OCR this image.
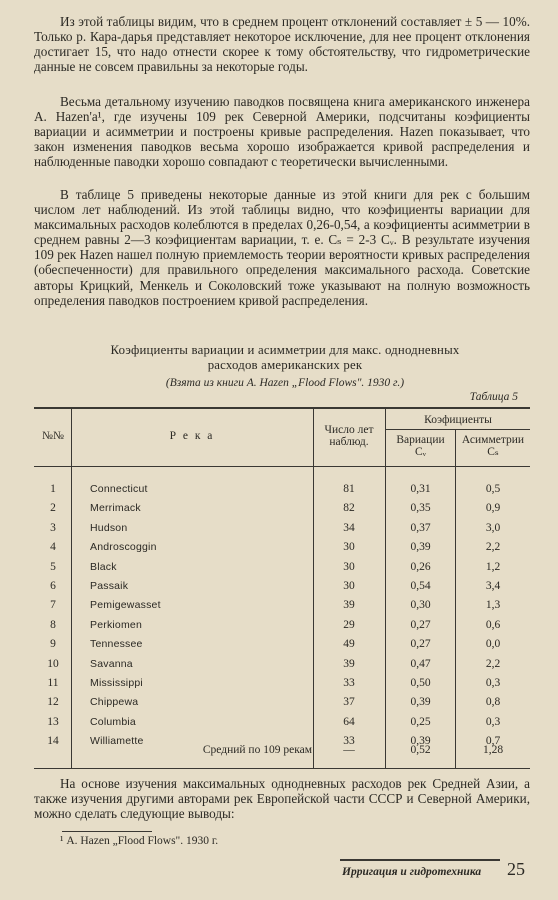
Из этой таблицы видим, что в среднем процент отклонений составляет ± 5 — 10%. Только р. Кара-дарья представляет некоторое исключение, для нее процент отклонения достигает 15, что надо отнести скорее к тому обстоятельству, что гидрометрические данные не совсем правильны за некоторые годы.

Весьма детальному изучению паводков посвящена книга американского инженера А. Hazen'a¹, где изучены 109 рек Северной Америки, подсчитаны коэфициенты вариации и асимметрии и построены кривые распределения. Hazen показывает, что закон изменения паводков весьма хорошо изображается кривой распределения и наблюденные паводки хорошо совпадают с теоретически вычисленными.

В таблице 5 приведены некоторые данные из этой книги для рек с большим числом лет наблюдений. Из этой таблицы видно, что коэфициенты вариации для максимальных расходов колеблются в пределах 0,26-0,54, а коэфициенты асимметрии в среднем равны 2—3 коэфициентам вариации, т. е. Cₛ = 2-3 Cᵥ. В результате изучения 109 рек Hazen нашел полную приемлемость теории вероятности кривых распределения (обеспеченности) для правильного определения максимального расхода. Советские авторы Крицкий, Менкель и Соколовский тоже указывают на полную возможность определения паводков построением кривой распределения.

Коэфициенты вариации и асимметрии для макс. однодневных
расходов американских рек
(Взята из книги А. Hazen „Flood Flows". 1930 г.)
Таблица 5
№№	Р е к а	Число лет
наблюд.
Коэфициенты
Вариации
Cᵥ
Асимметрии
Cₛ
1	Connecticut	81	0,31	0,5
2	Merrimack	82	0,35	0,9
3	Hudson	34	0,37	3,0
4	Androscoggin	30	0,39	2,2
5	Black	30	0,26	1,2
6	Passaik	30	0,54	3,4
7	Pemigewasset	39	0,30	1,3
8	Perkiomen	29	0,27	0,6
9	Tennessee	49	0,27	0,0
10	Savanna	39	0,47	2,2
11	Mississippi	33	0,50	0,3
12	Chippewa	37	0,39	0,8
13	Columbia	64	0,25	0,3
14	Williamette	33	0,39	0,7
Средний по 109 рекам	—	0,52	1,28

На основе изучения максимальных однодневных расходов рек Средней Азии, а также изучения другими авторами рек Европейской части СССР и Северной Америки, можно сделать следующие выводы:

¹ А. Hazen „Flood Flows". 1930 г.
Ирригация и гидротехника 25
